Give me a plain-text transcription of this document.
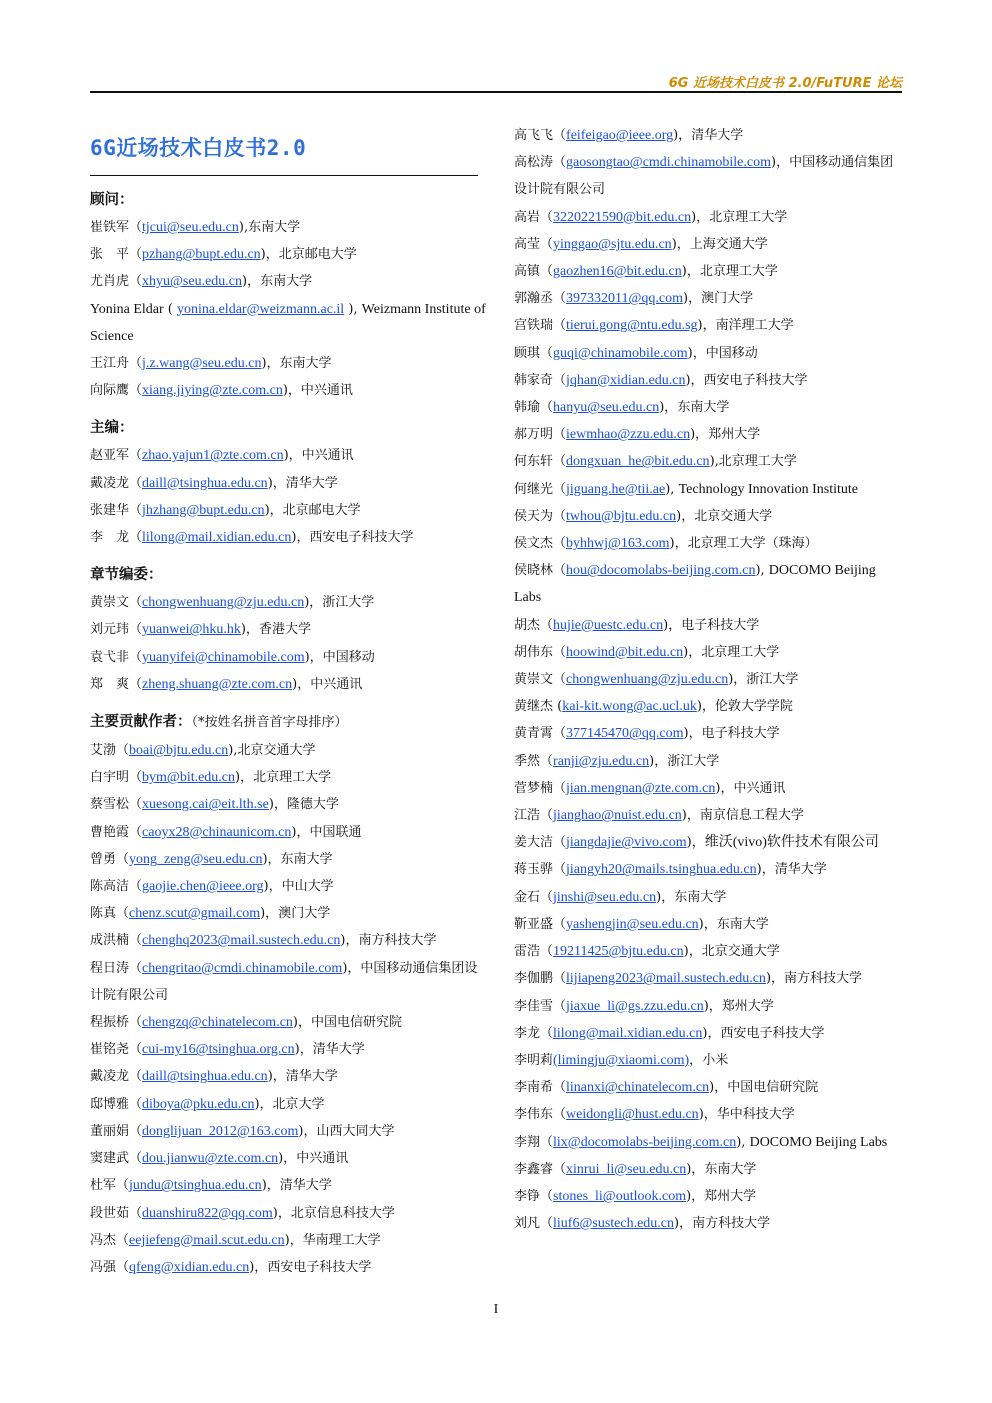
6G 近场技术白皮书 2.0/FuTURE 论坛
6G近场技术白皮书2.0
顾问：
崔铁军（tjcui@seu.edu.cn),东南大学
张　平（pzhang@bupt.edu.cn)，北京邮电大学
尤肖虎（xhyu@seu.edu.cn)，东南大学
Yonina Eldar ( yonina.eldar@weizmann.ac.il ), Weizmann Institute of Science
王江舟（j.z.wang@seu.edu.cn)，东南大学
向际鹰（xiang.jiying@zte.com.cn)，中兴通讯
主编：
赵亚军（zhao.yajun1@zte.com.cn)，中兴通讯
戴凌龙（daill@tsinghua.edu.cn)，清华大学
张建华（jhzhang@bupt.edu.cn)，北京邮电大学
李　龙（lilong@mail.xidian.edu.cn)，西安电子科技大学
章节编委：
黄崇文（chongwenhuang@zju.edu.cn)，浙江大学
刘元玮（yuanwei@hku.hk)，香港大学
袁弋非（yuanyifei@chinamobile.com)，中国移动
郑　爽（zheng.shuang@zte.com.cn)，中兴通讯
主要贡献作者：（*按姓名拼音首字母排序）
艾渤（boai@bjtu.edu.cn),北京交通大学
白宇明（bym@bit.edu.cn)，北京理工大学
蔡雪松（xuesong.cai@eit.lth.se)，隆德大学
曹艳霞（caoyx28@chinaunicom.cn)，中国联通
曾勇（yong_zeng@seu.edu.cn)，东南大学
陈高洁（gaojie.chen@ieee.org)，中山大学
陈真（chenz.scut@gmail.com)，澳门大学
成洪楠（chenghq2023@mail.sustech.edu.cn)，南方科技大学
程日涛（chengritao@cmdi.chinamobile.com)，中国移动通信集团设计院有限公司
程振桥（chengzq@chinatelecom.cn)，中国电信研究院
崔铭尧（cui-my16@tsinghua.org.cn)，清华大学
戴凌龙（daill@tsinghua.edu.cn)，清华大学
邸博雅（diboya@pku.edu.cn)，北京大学
董丽娟（donglijuan_2012@163.com)，山西大同大学
窦建武（dou.jianwu@zte.com.cn)，中兴通讯
杜军（jundu@tsinghua.edu.cn)，清华大学
段世茹（duanshiru822@qq.com)，北京信息科技大学
冯杰（eejiefeng@mail.scut.edu.cn)，华南理工大学
冯强（qfeng@xidian.edu.cn)，西安电子科技大学
高飞飞（feifeigao@ieee.org)，清华大学
高松涛（gaosongtao@cmdi.chinamobile.com)，中国移动通信集团设计院有限公司
高岩（3220221590@bit.edu.cn)，北京理工大学
高莹（yinggao@sjtu.edu.cn)，上海交通大学
高镇（gaozhen16@bit.edu.cn)，北京理工大学
郭瀚丞（397332011@qq.com)，澳门大学
宫铁瑞（tierui.gong@ntu.edu.sg)，南洋理工大学
顾琪（guqi@chinamobile.com)，中国移动
韩家奇（jqhan@xidian.edu.cn)，西安电子科技大学
韩瑜（hanyu@seu.edu.cn)，东南大学
郝万明（iewmhao@zzu.edu.cn)，郑州大学
何东轩（dongxuan_he@bit.edu.cn),北京理工大学
何继光（jiguang.he@tii.ae), Technology Innovation Institute
侯天为（twhou@bjtu.edu.cn)，北京交通大学
侯文杰（byhhwj@163.com)，北京理工大学（珠海）
侯晓林（hou@docomolabs-beijing.com.cn), DOCOMO Beijing Labs
胡杰（hujie@uestc.edu.cn)，电子科技大学
胡伟东（hoowind@bit.edu.cn)，北京理工大学
黄崇文（chongwenhuang@zju.edu.cn)，浙江大学
黄继杰 (kai-kit.wong@ac.ucl.uk)，伦敦大学学院
黄青霄（377145470@qq.com)，电子科技大学
季然（ranji@zju.edu.cn)，浙江大学
菅梦楠（jian.mengnan@zte.com.cn)，中兴通讯
江浩（jianghao@nuist.edu.cn)，南京信息工程大学
姜大洁（jiangdajie@vivo.com)，维沃(vivo)软件技术有限公司
蒋玉骅（jiangyh20@mails.tsinghua.edu.cn)，清华大学
金石（jinshi@seu.edu.cn)，东南大学
靳亚盛（yashengjin@seu.edu.cn)，东南大学
雷浩（19211425@bjtu.edu.cn)，北京交通大学
李伽鹏（lijiapeng2023@mail.sustech.edu.cn)，南方科技大学
李佳雪（jiaxue_li@gs.zzu.edu.cn)，郑州大学
李龙（lilong@mail.xidian.edu.cn)，西安电子科技大学
李明莉(limingju@xiaomi.com)，小米
李南希（linanxi@chinatelecom.cn)，中国电信研究院
李伟东（weidongli@hust.edu.cn)，华中科技大学
李翔（lix@docomolabs-beijing.com.cn), DOCOMO Beijing Labs
李鑫睿（xinrui_li@seu.edu.cn)，东南大学
李铮（stones_li@outlook.com)，郑州大学
刘凡（liuf6@sustech.edu.cn)，南方科技大学
I
